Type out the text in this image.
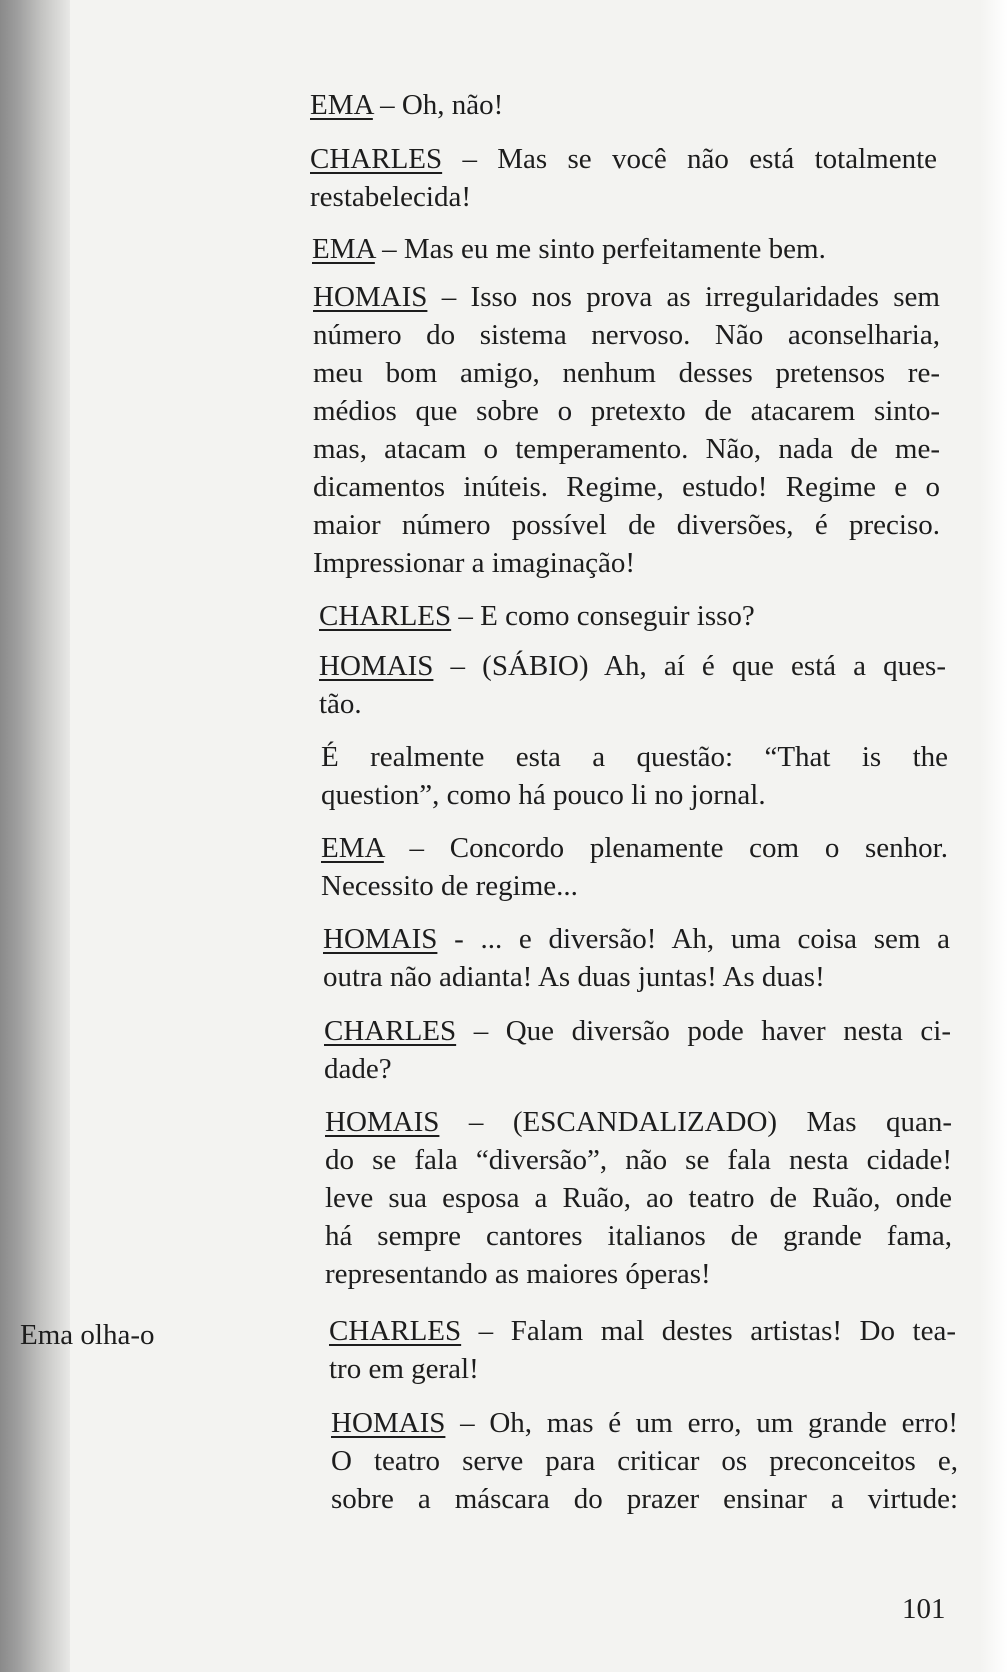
EMA – Oh, não!
CHARLES – Mas se você não está totalmente
restabelecida!
EMA – Mas eu me sinto perfeitamente bem.
HOMAIS – Isso nos prova as irregularidades sem
número do sistema nervoso. Não aconselharia,
meu bom amigo, nenhum desses pretensos re-
médios que sobre o pretexto de atacarem sinto-
mas, atacam o temperamento. Não, nada de me-
dicamentos inúteis. Regime, estudo! Regime e o
maior número possível de diversões, é preciso.
Impressionar a imaginação!
CHARLES – E como conseguir isso?
HOMAIS – (SÁBIO) Ah, aí é que está a ques-
tão.
É realmente esta a questão: “That is the
question”, como há pouco li no jornal.
EMA – Concordo plenamente com o senhor.
Necessito de regime...
HOMAIS - ... e diversão! Ah, uma coisa sem a
outra não adianta! As duas juntas! As duas!
CHARLES – Que diversão pode haver nesta ci-
dade?
HOMAIS – (ESCANDALIZADO) Mas quan-
do se fala “diversão”, não se fala nesta cidade!
leve sua esposa a Ruão, ao teatro de Ruão, onde
há sempre cantores italianos de grande fama,
representando as maiores óperas!
Ema olha-o	CHARLES – Falam mal destes artistas! Do tea-
tro em geral!
HOMAIS – Oh, mas é um erro, um grande erro!
O teatro serve para criticar os preconceitos e,
sobre a máscara do prazer ensinar a virtude:
101
